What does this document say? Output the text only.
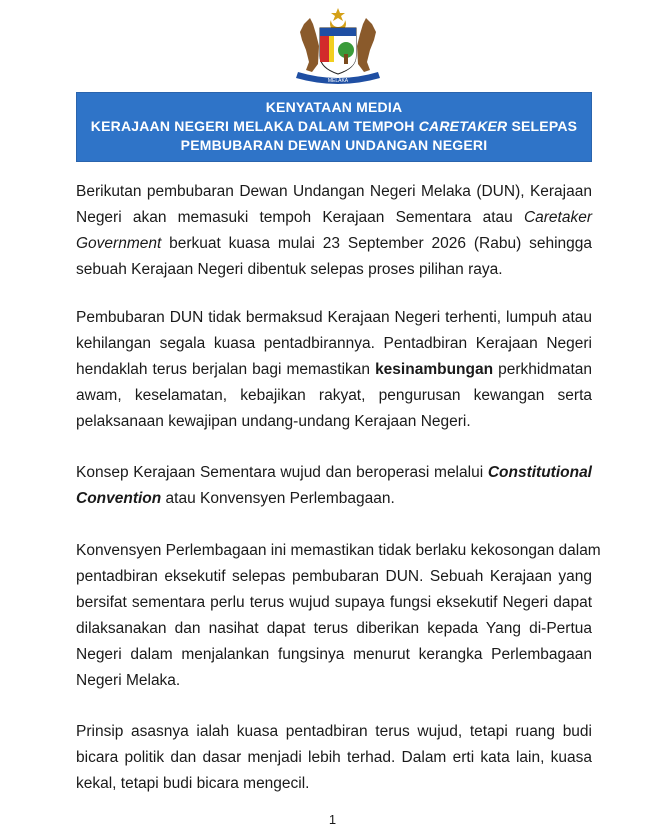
MELAKA
KENYATAAN MEDIA
KERAJAAN NEGERI MELAKA DALAM TEMPOH CARETAKER SELEPAS
PEMBUBARAN DEWAN UNDANGAN NEGERI
Berikutan pembubaran Dewan Undangan Negeri Melaka (DUN), Kerajaan
Negeri akan memasuki tempoh Kerajaan Sementara atau Caretaker
Government berkuat kuasa mulai 23 September 2026 (Rabu) sehingga
sebuah Kerajaan Negeri dibentuk selepas proses pilihan raya.
Pembubaran DUN tidak bermaksud Kerajaan Negeri terhenti, lumpuh atau
kehilangan segala kuasa pentadbirannya. Pentadbiran Kerajaan Negeri
hendaklah terus berjalan bagi memastikan kesinambungan perkhidmatan
awam, keselamatan, kebajikan rakyat, pengurusan kewangan serta
pelaksanaan kewajipan undang-undang Kerajaan Negeri.
Konsep Kerajaan Sementara wujud dan beroperasi melalui Constitutional
Convention atau Konvensyen Perlembagaan.
Konvensyen Perlembagaan ini memastikan tidak berlaku kekosongan dalam
pentadbiran eksekutif selepas pembubaran DUN. Sebuah Kerajaan yang
bersifat sementara perlu terus wujud supaya fungsi eksekutif Negeri dapat
dilaksanakan dan nasihat dapat terus diberikan kepada Yang di-Pertua
Negeri dalam menjalankan fungsinya menurut kerangka Perlembagaan
Negeri Melaka.
Prinsip asasnya ialah kuasa pentadbiran terus wujud, tetapi ruang budi
bicara politik dan dasar menjadi lebih terhad. Dalam erti kata lain, kuasa
kekal, tetapi budi bicara mengecil.
1
